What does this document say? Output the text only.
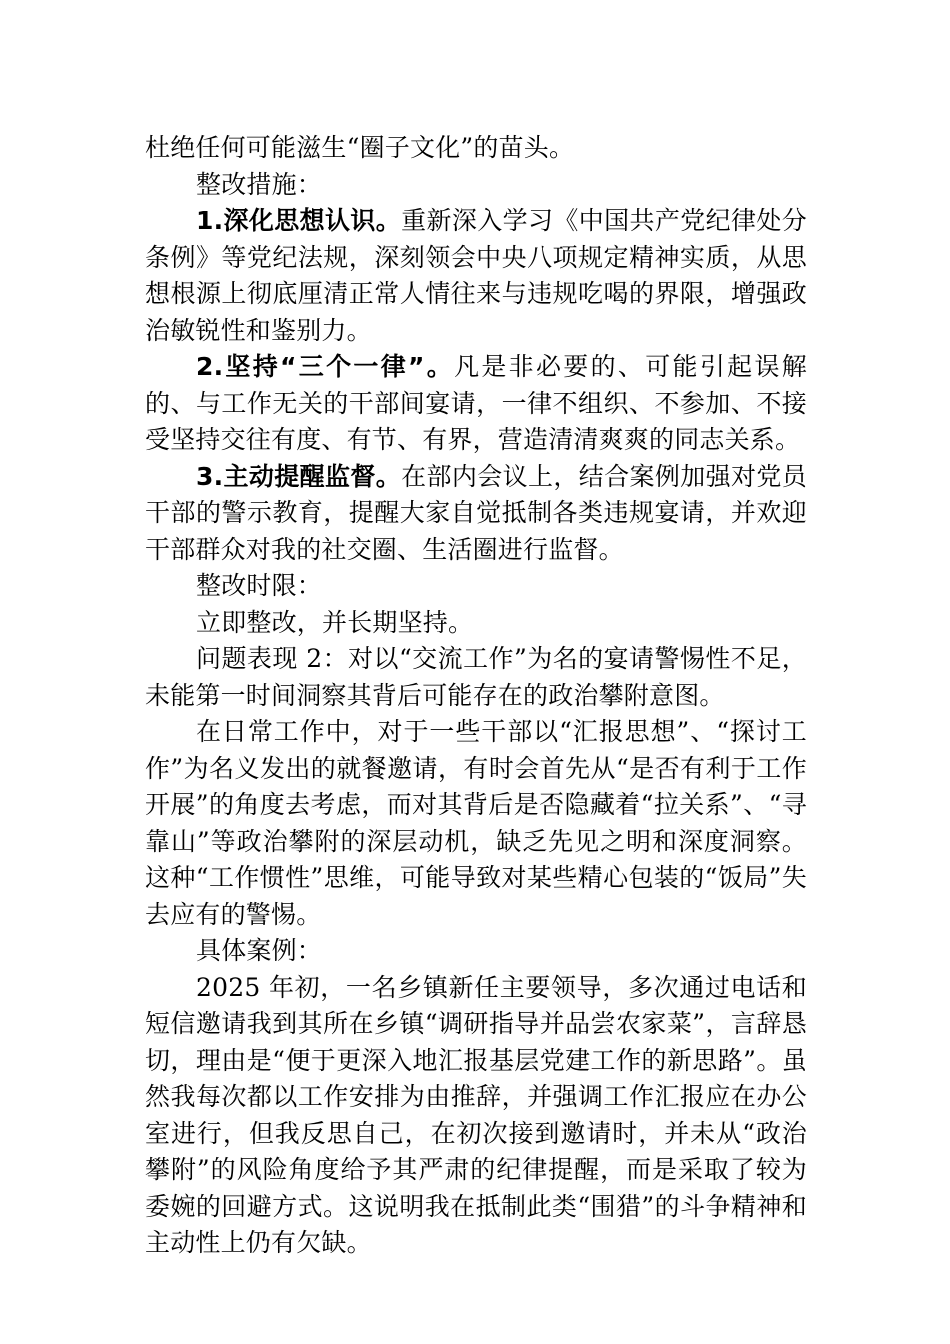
杜绝任何可能滋生“圈子文化”的苗头。

整改措施：

1.深化思想认识。重新深入学习《中国共产党纪律处分条例》等党纪法规，深刻领会中央八项规定精神实质，从思想根源上彻底厘清正常人情往来与违规吃喝的界限，增强政治敏锐性和鉴别力。

2.坚持“三个一律”。凡是非必要的、可能引起误解的、与工作无关的干部间宴请，一律不组织、不参加、不接受坚持交往有度、有节、有界，营造清清爽爽的同志关系。

3.主动提醒监督。在部内会议上，结合案例加强对党员干部的警示教育，提醒大家自觉抵制各类违规宴请，并欢迎干部群众对我的社交圈、生活圈进行监督。

整改时限：

立即整改，并长期坚持。

问题表现 2：对以“交流工作”为名的宴请警惕性不足，未能第一时间洞察其背后可能存在的政治攀附意图。

在日常工作中，对于一些干部以“汇报思想”、“探讨工作”为名义发出的就餐邀请，有时会首先从“是否有利于工作开展”的角度去考虑，而对其背后是否隐藏着“拉关系”、“寻靠山”等政治攀附的深层动机，缺乏先见之明和深度洞察。这种“工作惯性”思维，可能导致对某些精心包装的“饭局”失去应有的警惕。

具体案例：

2025 年初，一名乡镇新任主要领导，多次通过电话和短信邀请我到其所在乡镇“调研指导并品尝农家菜”，言辞恳切，理由是“便于更深入地汇报基层党建工作的新思路”。虽然我每次都以工作安排为由推辞，并强调工作汇报应在办公室进行，但我反思自己，在初次接到邀请时，并未从“政治攀附”的风险角度给予其严肃的纪律提醒，而是采取了较为委婉的回避方式。这说明我在抵制此类“围猎”的斗争精神和主动性上仍有欠缺。
